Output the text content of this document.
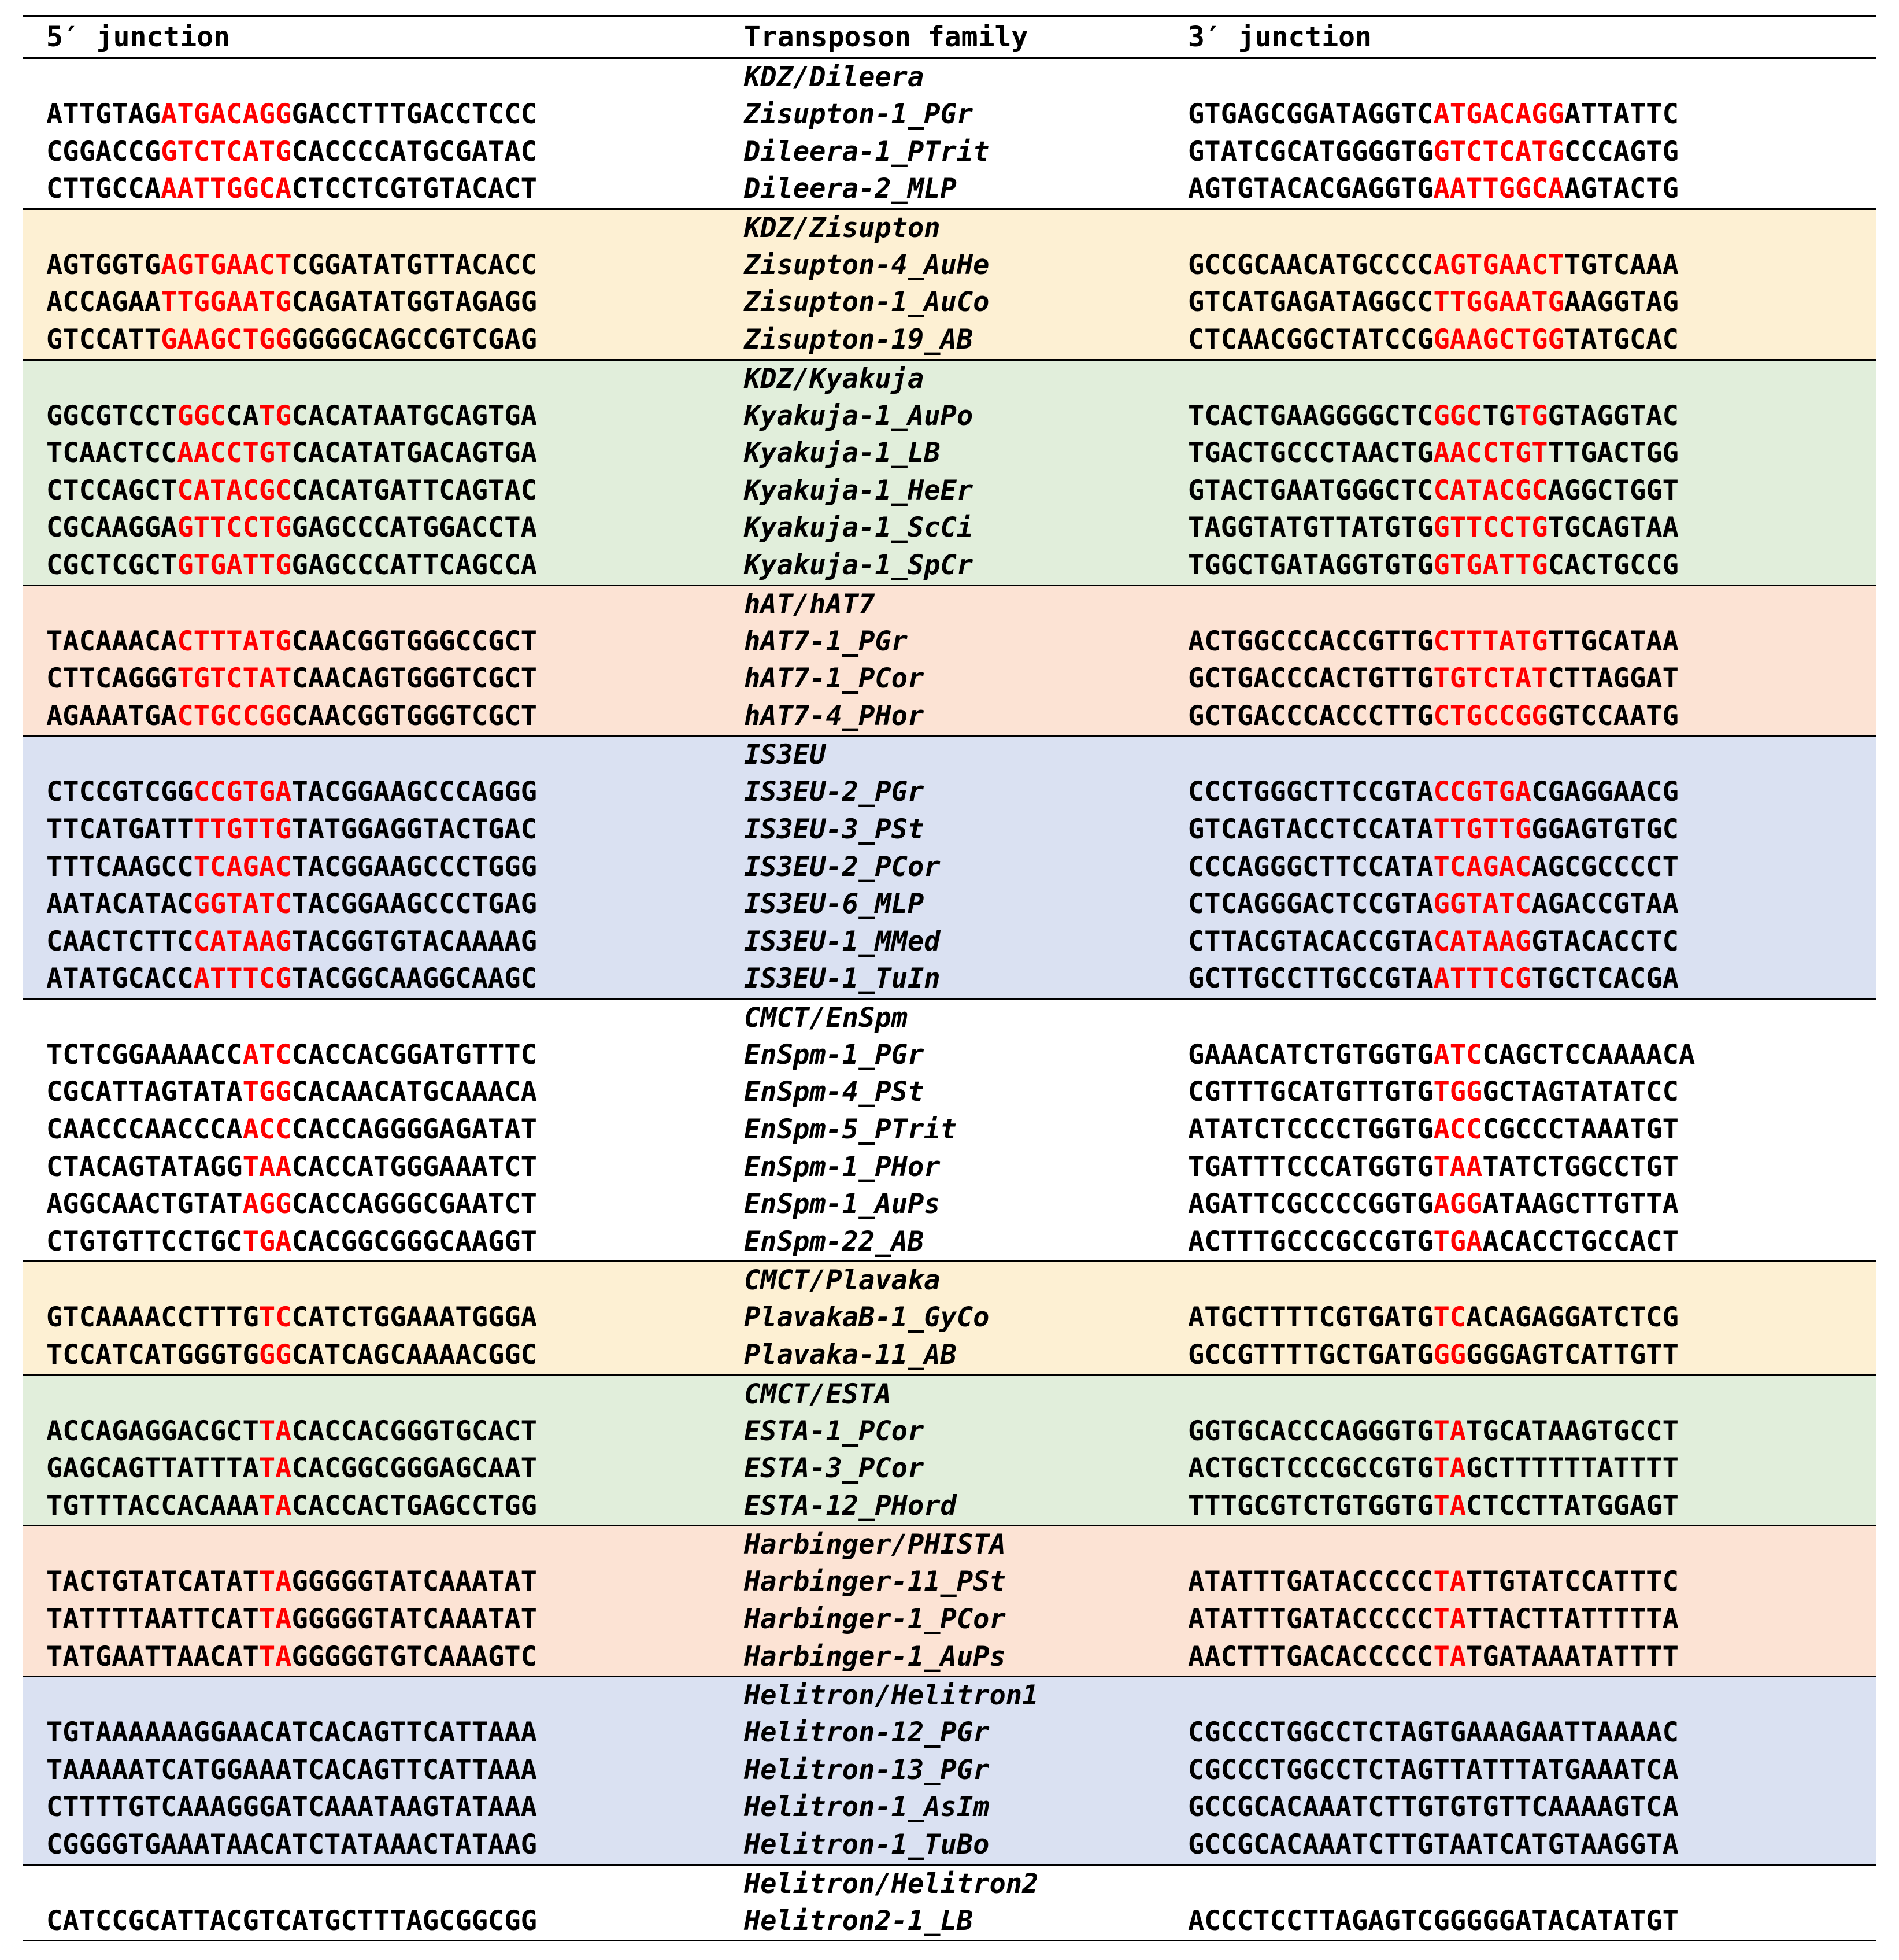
5′ junction	Transposon family	3′ junction
KDZ/Dileera
ATTGTAGATGACAGGGACCTTTGACCTCCC	Zisupton-1_PGr	GTGAGCGGATAGGTCATGACAGGATTATTC
CGGACCGGTCTCATGCACCCCATGCGATAC	Dileera-1_PTrit	GTATCGCATGGGGTGGTCTCATGCCCAGTG
CTTGCCAAATTGGCACTCCTCGTGTACACT	Dileera-2_MLP	AGTGTACACGAGGTGAATTGGCAAGTACTG
KDZ/Zisupton
AGTGGTGAGTGAACTCGGATATGTTACACC	Zisupton-4_AuHe	GCCGCAACATGCCCCAGTGAACTTGTCAAA
ACCAGAATTGGAATGCAGATATGGTAGAGG	Zisupton-1_AuCo	GTCATGAGATAGGCCTTGGAATGAAGGTAG
GTCCATTGAAGCTGGGGGGCAGCCGTCGAG	Zisupton-19_AB	CTCAACGGCTATCCGGAAGCTGGTATGCAC
KDZ/Kyakuja
GGCGTCCTGGCCATGCACATAATGCAGTGA	Kyakuja-1_AuPo	TCACTGAAGGGGCTCGGCTGTGGTAGGTAC
TCAACTCCAACCTGTCACATATGACAGTGA	Kyakuja-1_LB	TGACTGCCCTAACTGAACCTGTTTGACTGG
CTCCAGCTCATACGCCACATGATTCAGTAC	Kyakuja-1_HeEr	GTACTGAATGGGCTCCATACGCAGGCTGGT
CGCAAGGAGTTCCTGGAGCCCATGGACCTA	Kyakuja-1_ScCi	TAGGTATGTTATGTGGTTCCTGTGCAGTAA
CGCTCGCTGTGATTGGAGCCCATTCAGCCA	Kyakuja-1_SpCr	TGGCTGATAGGTGTGGTGATTGCACTGCCG
hAT/hAT7
TACAAACACTTTATGCAACGGTGGGCCGCT	hAT7-1_PGr	ACTGGCCCACCGTTGCTTTATGTTGCATAA
CTTCAGGGTGTCTATCAACAGTGGGTCGCT	hAT7-1_PCor	GCTGACCCACTGTTGTGTCTATCTTAGGAT
AGAAATGACTGCCGGCAACGGTGGGTCGCT	hAT7-4_PHor	GCTGACCCACCCTTGCTGCCGGGTCCAATG
IS3EU
CTCCGTCGGCCGTGATACGGAAGCCCAGGG	IS3EU-2_PGr	CCCTGGGCTTCCGTACCGTGACGAGGAACG
TTCATGATTTTGTTGTATGGAGGTACTGAC	IS3EU-3_PSt	GTCAGTACCTCCATATTGTTGGGAGTGTGC
TTTCAAGCCTCAGACTACGGAAGCCCTGGG	IS3EU-2_PCor	CCCAGGGCTTCCATATCAGACAGCGCCCCT
AATACATACGGTATCTACGGAAGCCCTGAG	IS3EU-6_MLP	CTCAGGGACTCCGTAGGTATCAGACCGTAA
CAACTCTTCCATAAGTACGGTGTACAAAAG	IS3EU-1_MMed	CTTACGTACACCGTACATAAGGTACACCTC
ATATGCACCATTTCGTACGGCAAGGCAAGC	IS3EU-1_TuIn	GCTTGCCTTGCCGTAATTTCGTGCTCACGA
CMCT/EnSpm
TCTCGGAAAACCATCCACCACGGATGTTTC	EnSpm-1_PGr	GAAACATCTGTGGTGATCCAGCTCCAAAACA
CGCATTAGTATATGGCACAACATGCAAACA	EnSpm-4_PSt	CGTTTGCATGTTGTGTGGGCTAGTATATCC
CAACCCAACCCAACCCACCAGGGGAGATAT	EnSpm-5_PTrit	ATATCTCCCCTGGTGACCCGCCCTAAATGT
CTACAGTATAGGTAACACCATGGGAAATCT	EnSpm-1_PHor	TGATTTCCCATGGTGTAATATCTGGCCTGT
AGGCAACTGTATAGGCACCAGGGCGAATCT	EnSpm-1_AuPs	AGATTCGCCCCGGTGAGGATAAGCTTGTTA
CTGTGTTCCTGCTGACACGGCGGGCAAGGT	EnSpm-22_AB	ACTTTGCCCGCCGTGTGAACACCTGCCACT
CMCT/Plavaka
GTCAAAACCTTTGTCCATCTGGAAATGGGA	PlavakaB-1_GyCo	ATGCTTTTCGTGATGTCACAGAGGATCTCG
TCCATCATGGGTGGGCATCAGCAAAACGGC	Plavaka-11_AB	GCCGTTTTGCTGATGGGGGGAGTCATTGTT
CMCT/ESTA
ACCAGAGGACGCTTACACCACGGGTGCACT	ESTA-1_PCor	GGTGCACCCAGGGTGTATGCATAAGTGCCT
GAGCAGTTATTTATACACGGCGGGAGCAAT	ESTA-3_PCor	ACTGCTCCCGCCGTGTAGCTTTTTTATTTT
TGTTTACCACAAATACACCACTGAGCCTGG	ESTA-12_PHord	TTTGCGTCTGTGGTGTACTCCTTATGGAGT
Harbinger/PHISTA
TACTGTATCATATTAGGGGGTATCAAATAT	Harbinger-11_PSt	ATATTTGATACCCCCTATTGTATCCATTTC
TATTTTAATTCATTAGGGGGTATCAAATAT	Harbinger-1_PCor	ATATTTGATACCCCCTATTACTTATTTTTA
TATGAATTAACATTAGGGGGTGTCAAAGTC	Harbinger-1_AuPs	AACTTTGACACCCCCTATGATAAATATTTT
Helitron/Helitron1
TGTAAAAAAGGAACATCACAGTTCATTAAA	Helitron-12_PGr	CGCCCTGGCCTCTAGTGAAAGAATTAAAAC
TAAAAATCATGGAAATCACAGTTCATTAAA	Helitron-13_PGr	CGCCCTGGCCTCTAGTTATTTATGAAATCA
CTTTTGTCAAAGGGATCAAATAAGTATAAA	Helitron-1_AsIm	GCCGCACAAATCTTGTGTGTTCAAAAGTCA
CGGGGTGAAATAACATCTATAAACTATAAG	Helitron-1_TuBo	GCCGCACAAATCTTGTAATCATGTAAGGTA
Helitron/Helitron2
CATCCGCATTACGTCATGCTTTAGCGGCGG	Helitron2-1_LB	ACCCTCCTTAGAGTCGGGGGATACATATGT
